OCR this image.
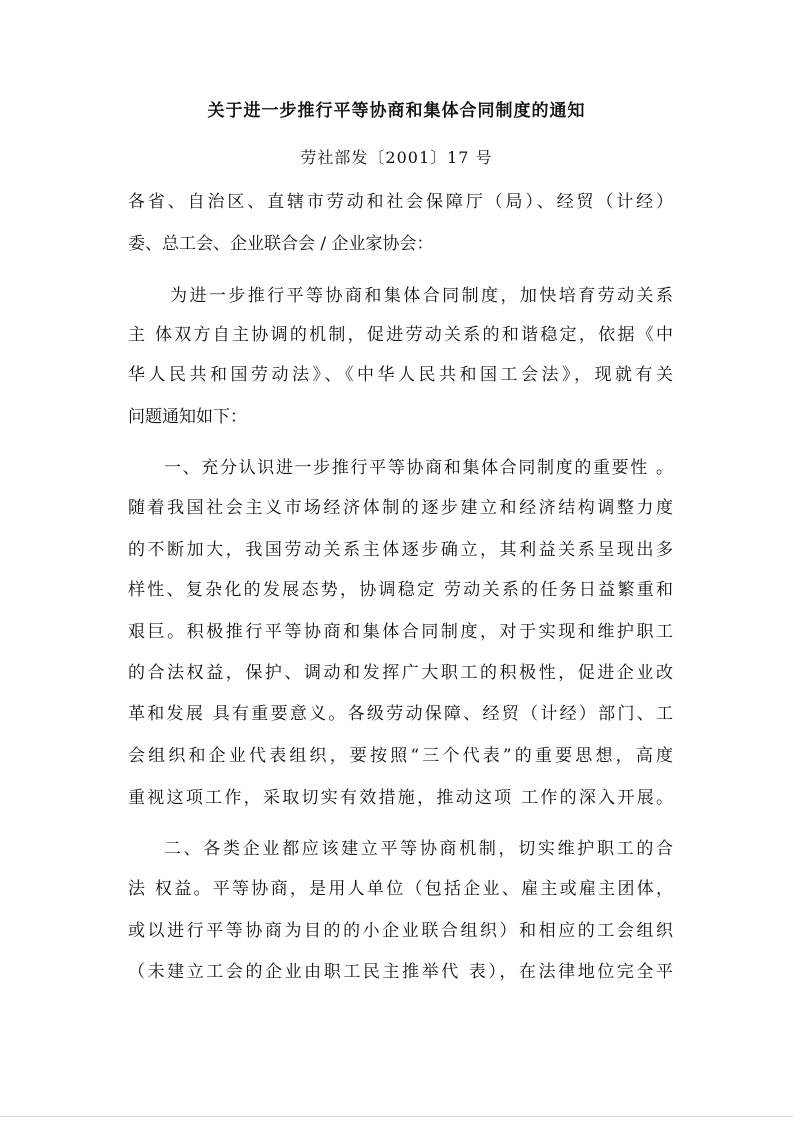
关于进一步推行平等协商和集体合同制度的通知
劳社部发〔2001〕17 号
各省、自治区、直辖市劳动和社会保障厅（局）、经贸（计经）
委、总工会、企业联合会 / 企业家协会：
为进一步推行平等协商和集体合同制度，加快培育劳动关系
主 体双方自主协调的机制，促进劳动关系的和谐稳定，依据《中
华人民共和国劳动法》、《中华人民共和国工会法》，现就有关
问题通知如下：
一、充分认识进一步推行平等协商和集体合同制度的重要性 。
随着我国社会主义市场经济体制的逐步建立和经济结构调整力度
的不断加大，我国劳动关系主体逐步确立，其利益关系呈现出多
样性、复杂化的发展态势，协调稳定 劳动关系的任务日益繁重和
艰巨。积极推行平等协商和集体合同制度，对于实现和维护职工
的合法权益，保护、调动和发挥广大职工的积极性，促进企业改
革和发展 具有重要意义。各级劳动保障、经贸（计经）部门、工
会组织和企业代表组织，要按照“三个代表”的重要思想，高度
重视这项工作，采取切实有效措施，推动这项 工作的深入开展。
二、各类企业都应该建立平等协商机制，切实维护职工的合
法 权益。平等协商，是用人单位（包括企业、雇主或雇主团体，
或以进行平等协商为目的的小企业联合组织）和相应的工会组织
（未建立工会的企业由职工民主推举代 表），在法律地位完全平
